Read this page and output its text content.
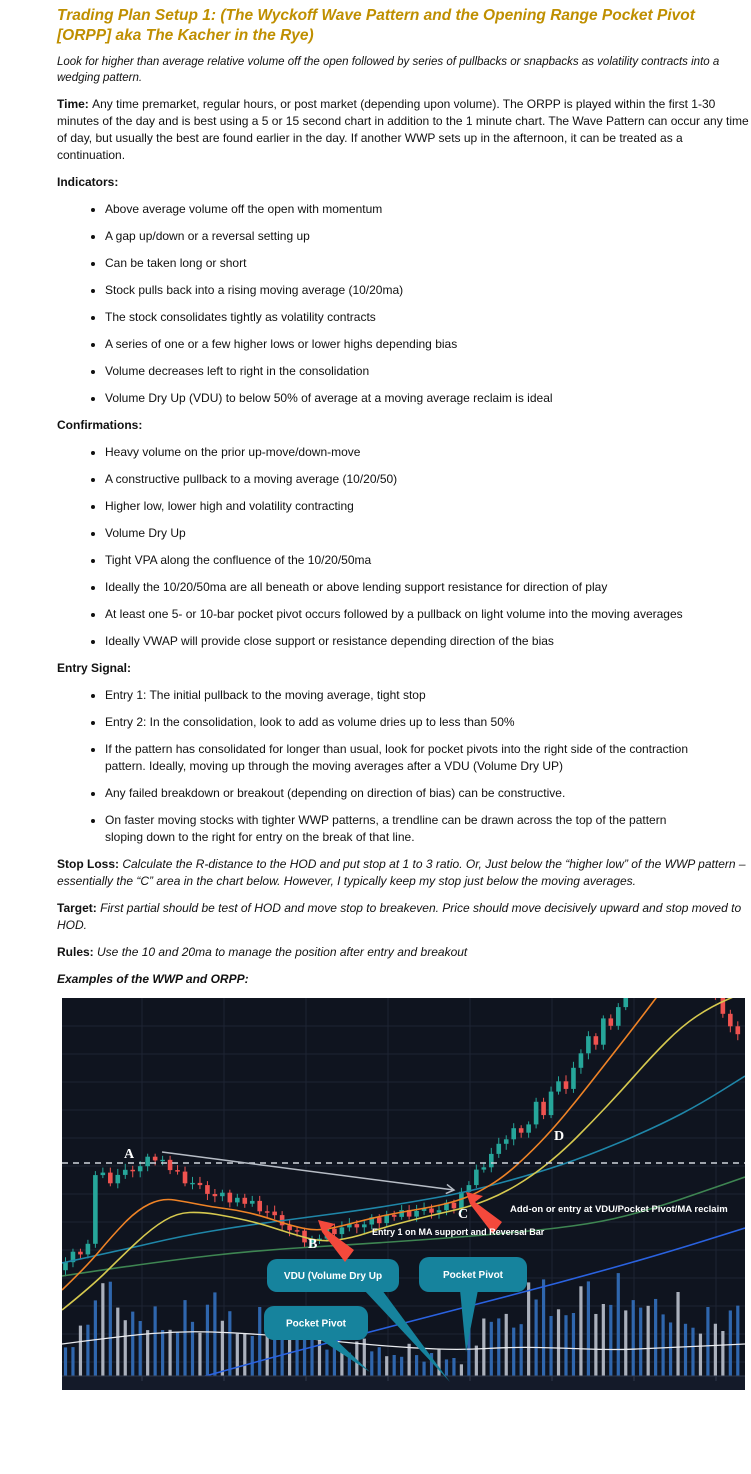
Trading Plan Setup 1: (The Wyckoff Wave Pattern and the Opening Range Pocket Pivot [ORPP] aka The Kacher in the Rye)

Look for higher than average relative volume off the open followed by series of pullbacks or snapbacks as volatility contracts into a wedging pattern.

Time: Any time premarket, regular hours, or post market (depending upon volume). The ORPP is played within the first 1-30 minutes of the day and is best using a 5 or 15 second chart in addition to the 1 minute chart. The Wave Pattern can occur any time of day, but usually the best are found earlier in the day. If another WWP sets up in the afternoon, it can be treated as a continuation.

Indicators:

• Above average volume off the open with momentum
• A gap up/down or a reversal setting up
• Can be taken long or short
• Stock pulls back into a rising moving average (10/20ma)
• The stock consolidates tightly as volatility contracts
• A series of one or a few higher lows or lower highs depending bias
• Volume decreases left to right in the consolidation
• Volume Dry Up (VDU) to below 50% of average at a moving average reclaim is ideal

Confirmations:

• Heavy volume on the prior up-move/down-move
• A constructive pullback to a moving average (10/20/50)
• Higher low, lower high and volatility contracting
• Volume Dry Up
• Tight VPA along the confluence of the 10/20/50ma
• Ideally the 10/20/50ma are all beneath or above lending support resistance for direction of play
• At least one 5- or 10-bar pocket pivot occurs followed by a pullback on light volume into the moving averages
• Ideally VWAP will provide close support or resistance depending direction of the bias

Entry Signal:

• Entry 1: The initial pullback to the moving average, tight stop
• Entry 2: In the consolidation, look to add as volume dries up to less than 50%
• If the pattern has consolidated for longer than usual, look for pocket pivots into the right side of the contraction pattern. Ideally, moving up through the moving averages after a VDU (Volume Dry UP)
• Any failed breakdown or breakout (depending on direction of bias) can be constructive.
• On faster moving stocks with tighter WWP patterns, a trendline can be drawn across the top of the pattern sloping down to the right for entry on the break of that line.

Stop Loss: Calculate the R-distance to the HOD and put stop at 1 to 3 ratio. Or, Just below the “higher low” of the WWP pattern – essentially the “C” area in the chart below. However, I typically keep my stop just below the moving averages.

Target: First partial should be test of HOD and move stop to breakeven. Price should move decisively upward and stop moved to HOD.

Rules: Use the 10 and 20ma to manage the position after entry and breakout

Examples of the WWP and ORPP:

VDU (Volume Dry Up	Pocket Pivot
Pocket Pivot
Entry 1 on MA support and Reversal Bar
Add-on or entry at VDU/Pocket Pivot/MA reclaim
A
B
C
D
